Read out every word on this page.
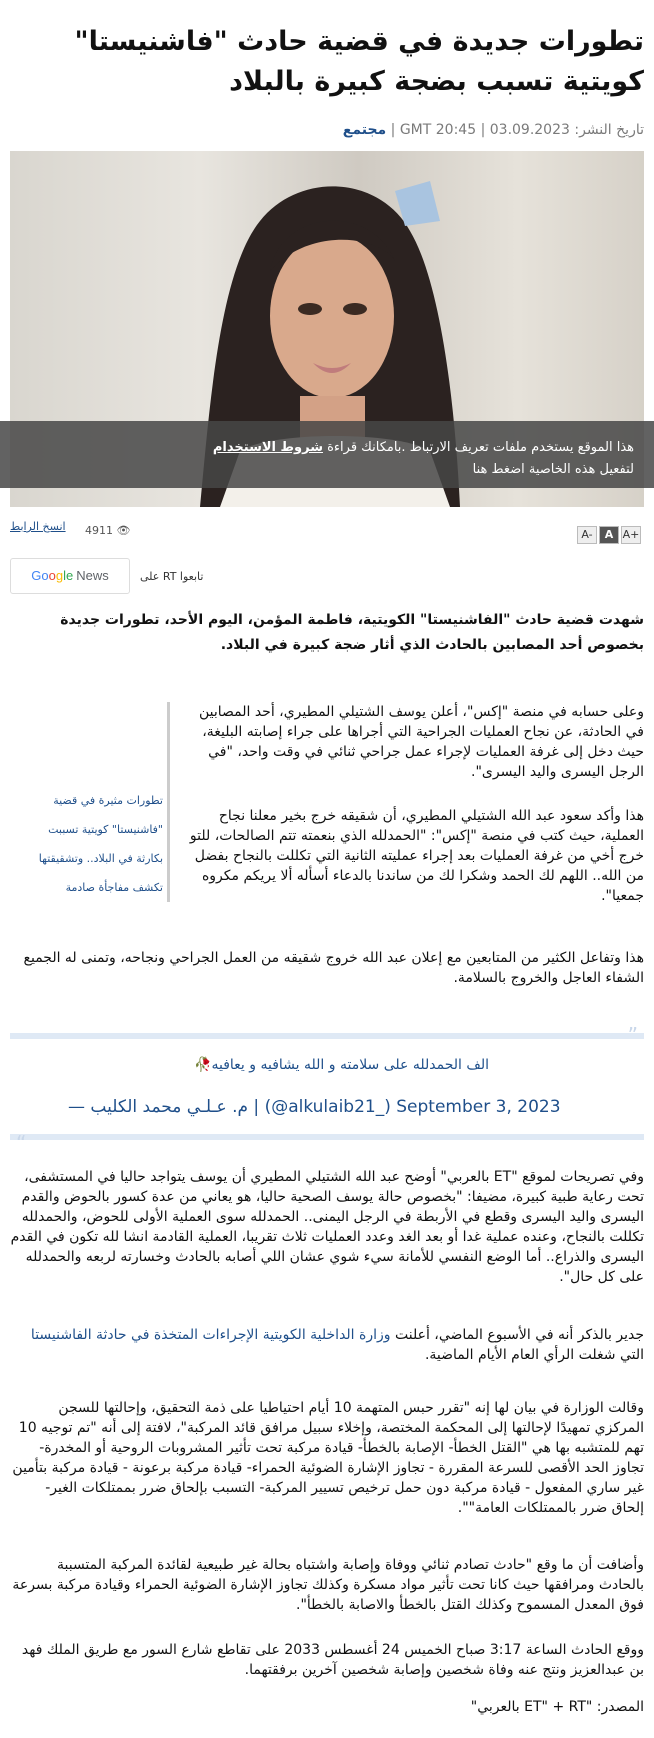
تطورات جديدة في قضية حادث "فاشنيستا" كويتية تسبب بضجة كبيرة بالبلاد
تاريخ النشر: 03.09.2023 | 20:45 GMT | مجتمع
هذا الموقع يستخدم ملفات تعريف الارتباط .بامكانك قراءة شروط الاستخدام
لتفعيل هذه الخاصية اضغط هنا
A- A A+
4911 👁
انسخ الرابط
Google News	تابعوا RT على
شهدت قضية حادث "الفاشنيستا" الكويتية، فاطمة المؤمن، اليوم الأحد، تطورات جديدة بخصوص أحد المصابين بالحادث الذي أثار ضجة كبيرة في البلاد.

تطورات مثيرة في قضية

"فاشنيستا" كويتية تسببت

بكارثة في البلاد.. وتشقيقتها

تكشف مفاجأة صادمة

وعلى حسابه في منصة "إكس"، أعلن يوسف الشتيلي المطيري، أحد المصابين في الحادثة، عن نجاح العمليات الجراحية التي أجراها على جراء إصابته البليغة، حيث دخل إلى غرفة العمليات لإجراء عمل جراحي ثنائي في وقت واحد، "في الرجل اليسرى واليد اليسرى".

هذا وأكد سعود عبد الله الشتيلي المطيري، أن شقيقه خرج بخير معلنا نجاح العملية، حيث كتب في منصة "إكس": "الحمدلله الذي بنعمته تتم الصالحات، للتو خرج أخي من غرفة العمليات بعد إجراء عمليته الثانية التي تكللت بالنجاح بفضل من الله.. اللهم لك الحمد وشكرا لك من ساندنا بالدعاء أسأله ألا يريكم مكروه جمعيا".

هذا وتفاعل الكثير من المتابعين مع إعلان عبد الله خروج شقيقه من العمل الجراحي ونجاحه، وتمنى له الجميع الشفاء العاجل والخروج بالسلامة.

”
الف الحمدلله على سلامته و الله يشافيه و يعافيه🥀
— م. عـلـي محمد الكليب | (@alkulaib21_) September 3, 2023
“

وفي تصريحات لموقع "ET بالعربي" أوضح عبد الله الشتيلي المطيري أن يوسف يتواجد حاليا في المستشفى، تحت رعاية طبية كبيرة، مضيفا: "بخصوص حالة يوسف الصحية حاليا، هو يعاني من عدة كسور بالحوض والقدم اليسرى واليد اليسرى وقطع في الأربطة في الرجل اليمنى.. الحمدلله سوى العملية الأولى للحوض، والحمدلله تكللت بالنجاح، وعنده عملية غدا أو بعد الغد وعدد العمليات ثلاث تقريبا، العملية القادمة انشا لله تكون في القدم اليسرى والذراع.. أما الوضع النفسي للأمانة سيء شوي عشان اللي أصابه بالحادث وخسارته لربعه والحمدلله على كل حال".

جدير بالذكر أنه في الأسبوع الماضي، أعلنت وزارة الداخلية الكويتية الإجراءات المتخذة في حادثة الفاشنيستا التي شغلت الرأي العام الأيام الماضية.

وقالت الوزارة في بيان لها إنه "تقرر حبس المتهمة 10 أيام احتياطيا على ذمة التحقيق، وإحالتها للسجن المركزي تمهيدًا لإحالتها إلى المحكمة المختصة، وإخلاء سبيل مرافق قائد المركبة"، لافتة إلى أنه "تم توجيه 10 تهم للمتشبه بها هي "القتل الخطأ- الإصابة بالخطأ- قيادة مركبة تحت تأثير المشروبات الروحية أو المخدرة- تجاوز الحد الأقصى للسرعة المقررة - تجاوز الإشارة الضوئية الحمراء- قيادة مركبة برعونة - قيادة مركبة بتأمين غير ساري المفعول - قيادة مركبة دون حمل ترخيص تسيير المركبة- التسبب بإلحاق ضرر بممتلكات الغير- إلحاق ضرر بالممتلكات العامة"".

وأضافت أن ما وقع "حادث تصادم ثنائي ووفاة وإصابة واشتباه بحالة غير طبيعية لقائدة المركبة المتسببة بالحادث ومرافقها حيث كانا تحت تأثير مواد مسكرة وكذلك تجاوز الإشارة الضوئية الحمراء وقيادة مركبة بسرعة فوق المعدل المسموح وكذلك القتل بالخطأ والاصابة بالخطأ".

ووقع الحادث الساعة 3:17 صباح الخميس 24 أغسطس 2033 على تقاطع شارع السور مع طريق الملك فهد بن عبدالعزيز ونتج عنه وفاة شخصين وإصابة شخصين آخرين برفقتهما.

المصدر: "ET" + RT بالعربي"
